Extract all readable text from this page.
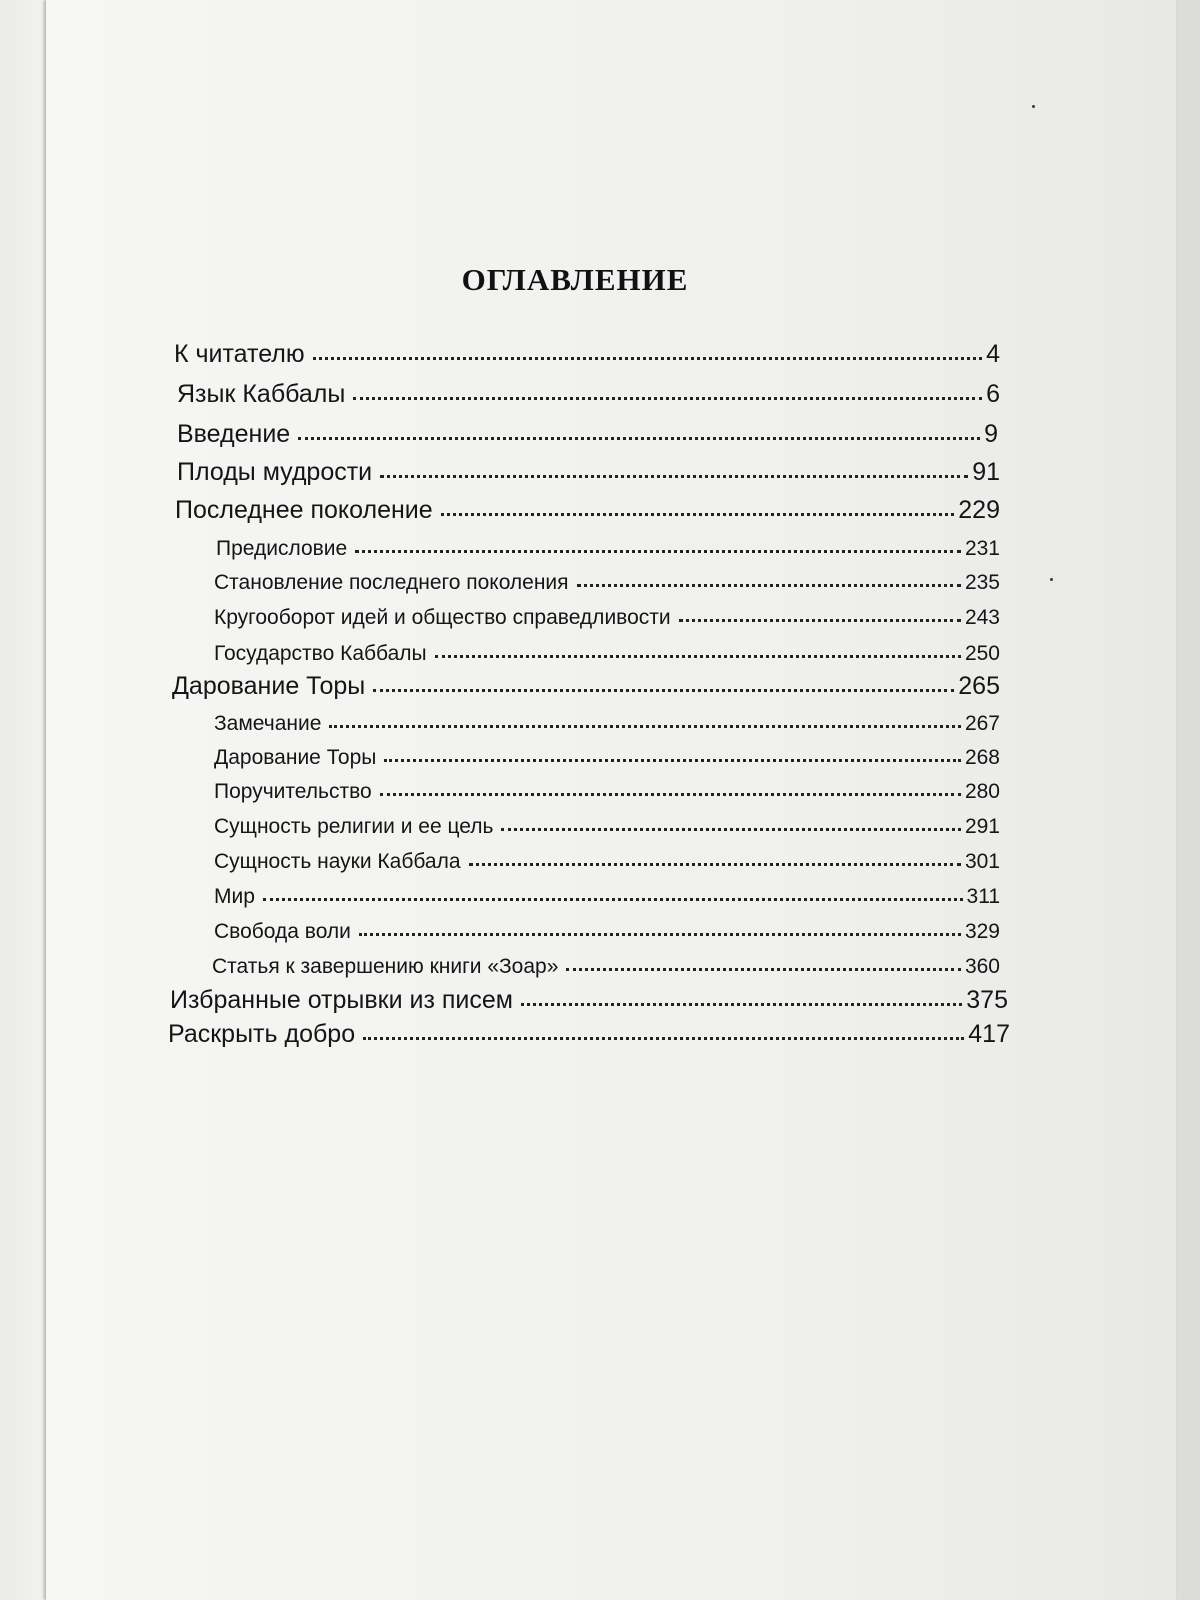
ОГЛАВЛЕНИЕ
К читателю	4
Язык Каббалы	6
Введение	9
Плоды мудрости	91
Последнее поколение	229
Предисловие	231
Становление последнего поколения	235
Кругооборот идей и общество справедливости	243
Государство Каббалы	250
Дарование Торы	265
Замечание	267
Дарование Торы	268
Поручительство	280
Сущность религии и ее цель	291
Сущность науки Каббала	301
Мир	311
Свобода воли	329
Статья к завершению книги «Зоар»	360
Избранные отрывки из писем	375
Раскрыть добро	417
